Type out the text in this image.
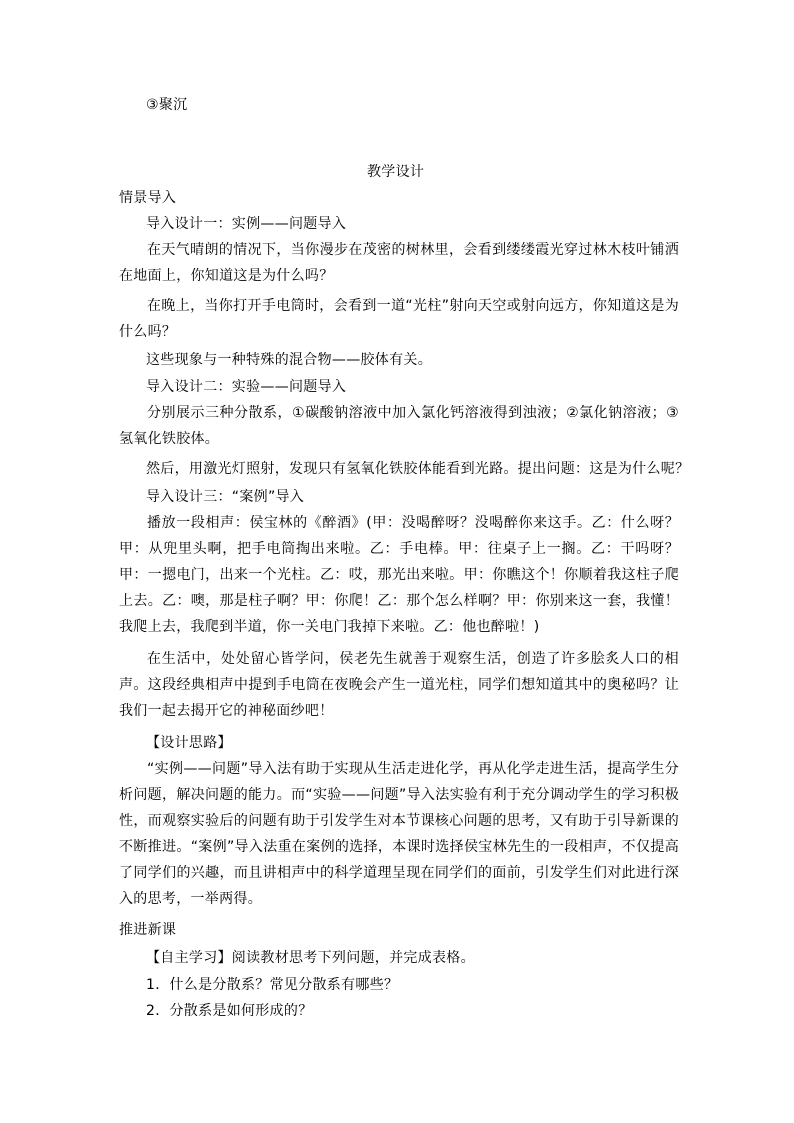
③聚沉
教学设计
情景导入
导入设计一：实例——问题导入

在天气晴朗的情况下，当你漫步在茂密的树林里，会看到缕缕霞光穿过林木枝叶铺洒在地面上，你知道这是为什么吗？

在晚上，当你打开手电筒时，会看到一道“光柱”射向天空或射向远方，你知道这是为什么吗？

这些现象与一种特殊的混合物——胶体有关。
导入设计二：实验——问题导入

分别展示三种分散系，①碳酸钠溶液中加入氯化钙溶液得到浊液；②氯化钠溶液；③氢氧化铁胶体。

然后，用激光灯照射，发现只有氢氧化铁胶体能看到光路。提出问题：这是为什么呢？
导入设计三：“案例”导入

播放一段相声：侯宝林的《醉酒》(甲：没喝醉呀？没喝醉你来这手。乙：什么呀？甲：从兜里头啊，把手电筒掏出来啦。乙：手电棒。甲：往桌子上一搁。乙：干吗呀？甲：一摁电门，出来一个光柱。乙：哎，那光出来啦。甲：你瞧这个！你顺着我这柱子爬上去。乙：噢，那是柱子啊？甲：你爬！乙：那个怎么样啊？甲：你别来这一套，我懂！我爬上去，我爬到半道，你一关电门我掉下来啦。乙：他也醉啦！)

在生活中，处处留心皆学问，侯老先生就善于观察生活，创造了许多脍炙人口的相声。这段经典相声中提到手电筒在夜晚会产生一道光柱，同学们想知道其中的奥秘吗？让我们一起去揭开它的神秘面纱吧！

【设计思路】

“实例——问题”导入法有助于实现从生活走进化学，再从化学走进生活，提高学生分析问题，解决问题的能力。而“实验——问题”导入法实验有利于充分调动学生的学习积极性，而观察实验后的问题有助于引发学生对本节课核心问题的思考，又有助于引导新课的不断推进。“案例”导入法重在案例的选择，本课时选择侯宝林先生的一段相声，不仅提高了同学们的兴趣，而且讲相声中的科学道理呈现在同学们的面前，引发学生们对此进行深入的思考，一举两得。

推进新课
【自主学习】阅读教材思考下列问题，并完成表格。
1．什么是分散系？常见分散系有哪些？
2．分散系是如何形成的？
